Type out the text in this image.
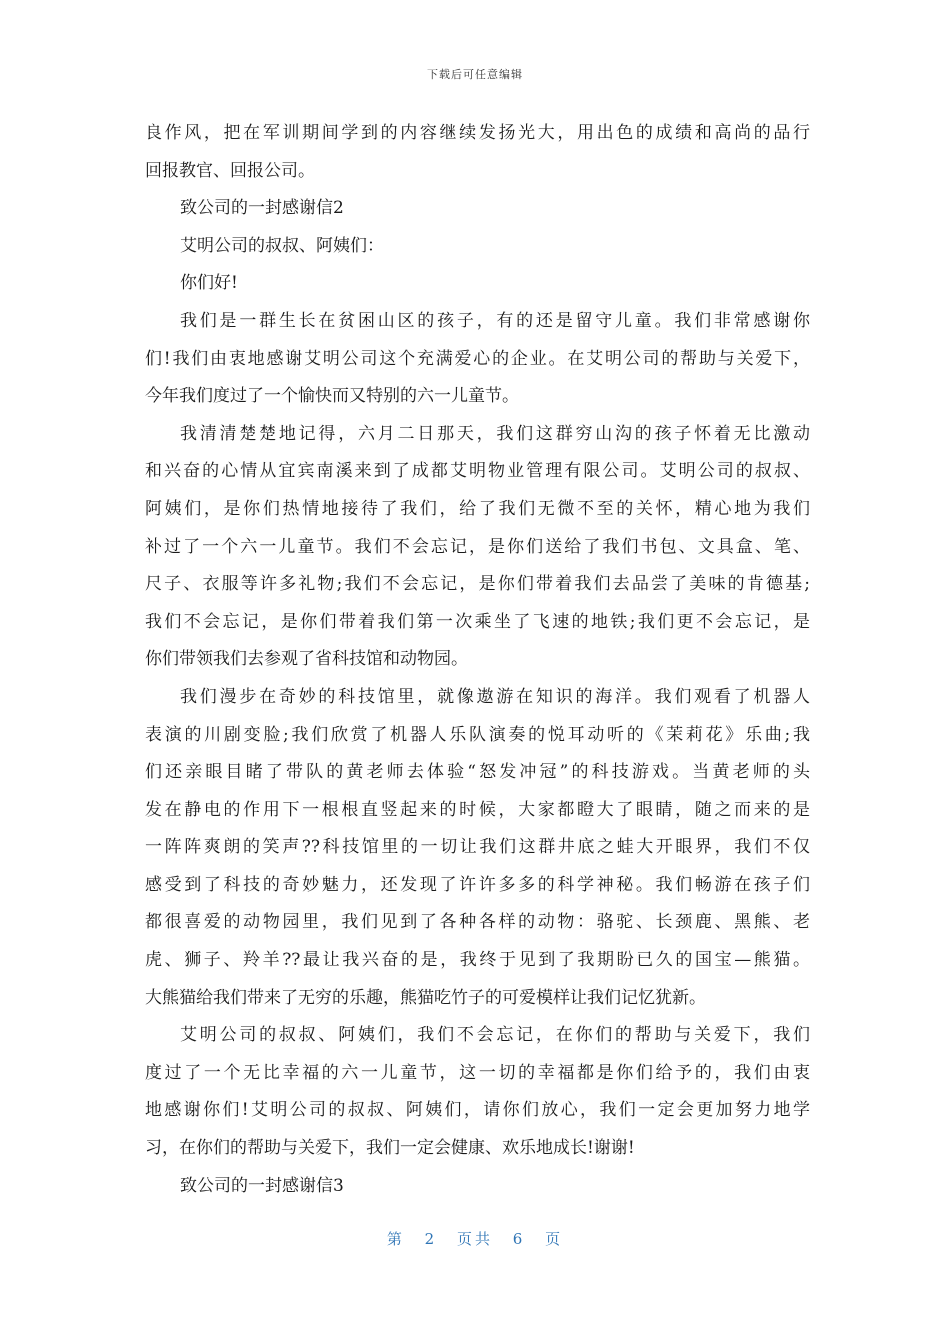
下载后可任意编辑
良作风，把在军训期间学到的内容继续发扬光大，用出色的成绩和高尚的品行
回报教官、回报公司。
致公司的一封感谢信2
艾明公司的叔叔、阿姨们：
你们好!
我们是一群生长在贫困山区的孩子，有的还是留守儿童。我们非常感谢你
们!我们由衷地感谢艾明公司这个充满爱心的企业。在艾明公司的帮助与关爱下，
今年我们度过了一个愉快而又特别的六一儿童节。
我清清楚楚地记得，六月二日那天，我们这群穷山沟的孩子怀着无比激动
和兴奋的心情从宜宾南溪来到了成都艾明物业管理有限公司。艾明公司的叔叔、
阿姨们，是你们热情地接待了我们，给了我们无微不至的关怀，精心地为我们
补过了一个六一儿童节。我们不会忘记，是你们送给了我们书包、文具盒、笔、
尺子、衣服等许多礼物;我们不会忘记，是你们带着我们去品尝了美味的肯德基;
我们不会忘记，是你们带着我们第一次乘坐了飞速的地铁;我们更不会忘记，是
你们带领我们去参观了省科技馆和动物园。
我们漫步在奇妙的科技馆里，就像遨游在知识的海洋。我们观看了机器人
表演的川剧变脸;我们欣赏了机器人乐队演奏的悦耳动听的《茉莉花》乐曲;我
们还亲眼目睹了带队的黄老师去体验“怒发冲冠”的科技游戏。当黄老师的头
发在静电的作用下一根根直竖起来的时候，大家都瞪大了眼睛，随之而来的是
一阵阵爽朗的笑声??科技馆里的一切让我们这群井底之蛙大开眼界，我们不仅
感受到了科技的奇妙魅力，还发现了许许多多的科学神秘。我们畅游在孩子们
都很喜爱的动物园里，我们见到了各种各样的动物：骆驼、长颈鹿、黑熊、老
虎、狮子、羚羊??最让我兴奋的是，我终于见到了我期盼已久的国宝—熊猫。
大熊猫给我们带来了无穷的乐趣，熊猫吃竹子的可爱模样让我们记忆犹新。
艾明公司的叔叔、阿姨们，我们不会忘记，在你们的帮助与关爱下，我们
度过了一个无比幸福的六一儿童节，这一切的幸福都是你们给予的，我们由衷
地感谢你们!艾明公司的叔叔、阿姨们，请你们放心，我们一定会更加努力地学
习，在你们的帮助与关爱下，我们一定会健康、欢乐地成长!谢谢!
致公司的一封感谢信3
第 2 页共 6 页
